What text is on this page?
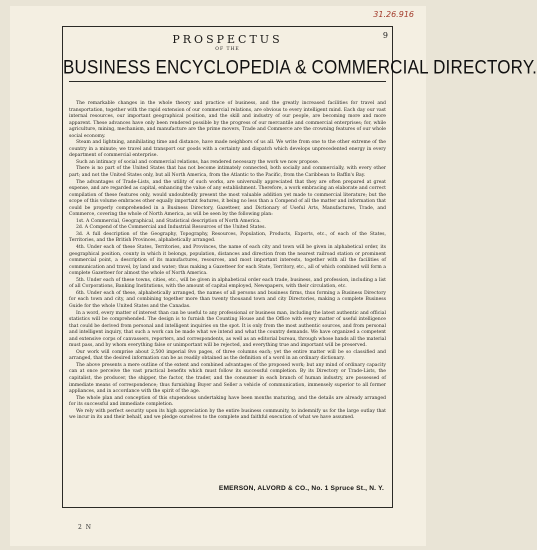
31.26.916
9
PROSPECTUS
OF THE
BUSINESS ENCYCLOPEDIA & COMMERCIAL DIRECTORY.

The remarkable changes in the whole theory and practice of business, and the greatly increased facilities for travel and transportation, together with the rapid extension of our commercial relations, are obvious to every intelligent mind. Each day our vast internal resources, our important geographical position, and the skill and industry of our people, are becoming more and more apparent. These advances have only been rendered possible by the progress of our mercantile and commercial enterprises; for, while agriculture, mining, mechanism, and manufacture are the prime movers, Trade and Commerce are the crowning features of our whole social economy.

Steam and lightning, annihilating time and distance, have made neighbors of us all. We write from one to the other extreme of the country in a minute; we travel and transport our goods with a certainty and dispatch which develops unprecedented energy in every department of commercial enterprise.

Such an intimacy of social and commercial relations, has rendered necessary the work we now propose.

There is no part of the United States that has not become intimately connected, both socially and commercially, with every other part; and not the United States only, but all North America, from the Atlantic to the Pacific, from the Caribbean to Baffin's Bay.

The advantages of Trade-Lists, and the utility of such works, are universally appreciated that they are often prepared at great expense, and are regarded as capital, enhancing the value of any establishment. Therefore, a work embracing an elaborate and correct compilation of these features only, would undoubtedly present the most valuable addition yet made to commercial literature; but the scope of this volume embraces other equally important features, it being no less than a Compend of all the matter and information that could be properly comprehended in a Business Directory, Gazetteer, and Dictionary of Useful Arts, Manufactures, Trade, and Commerce, covering the whole of North America, as will be seen by the following plan:

1st. A Commercial, Geographical, and Statistical description of North America.

2d. A Compend of the Commercial and Industrial Resources of the United States.

3d. A full description of the Geography, Topography, Resources, Population, Products, Exports, etc., of each of the States, Territories, and the British Provinces, alphabetically arranged.

4th. Under each of these States, Territories, and Provinces, the name of each city and town will be given in alphabetical order, its geographical position, county in which it belongs, population, distances and direction from the nearest railroad station or prominent commercial point, a description of its manufactures, resources, and most important interests, together with all the facilities of communication and travel, by land and water; thus making a Gazetteer for each State, Territory, etc., all of which combined will form a complete Gazetteer for almost the whole of North America.

5th. Under each of these towns, cities, etc., will be given in alphabetical order each trade, business, and profession, including a list of all Corporations, Banking Institutions, with the amount of capital employed, Newspapers, with their circulation, etc.

6th. Under each of these, alphabetically arranged, the names of all persons and business firms, thus forming a Business Directory for each town and city, and combining together more than twenty thousand town and city Directories, making a complete Business Guide for the whole United States and the Canadas.

In a word, every matter of interest than can be useful to any professional or business man, including the latest authentic and official statistics will be comprehended. The design is to furnish the Counting House and the Office with every matter of useful intelligence that could be derived from personal and intelligent inquiries on the spot. It is only from the most authentic sources, and from personal and intelligent inquiry, that such a work can be made what we intend and what the country demands. We have organized a competent and extensive corps of canvassers, reporters, and correspondents, as well as an editorial bureau, through whose hands all the material must pass, and by whom everything false or unimportant will be rejected, and everything true and important will be preserved.

Our work will comprise about 2,500 imperial 8vo pages, of three columns each; yet the entire matter will be so classified and arranged, that the desired information can be as readily obtained as the definition of a word in an ordinary dictionary.

The above presents a mere outline of the extent and combined advantages of the proposed work; but any mind of ordinary capacity can at once perceive the vast practical benefits which must follow its successful completion. By its Directory or Trade-Lists, the capitalist, the producer, the shipper, the factor, the trader, and the consumer in each branch of human industry, are possessed of immediate means of correspondence; thus furnishing Buyer and Seller a vehicle of communication, immensely superior to all former appliances, and in accordance with the spirit of the age.

The whole plan and conception of this stupendous undertaking have been months maturing, and the details are already arranged for its successful and immediate completion.

We rely with perfect security upon its high appreciation by the entire business community, to indemnify us for the large outlay that we incur in its and their behalf, and we pledge ourselves to the complete and faithful execution of what we have assumed.

EMERSON, ALVORD & CO., No. 1 Spruce St., N. Y.
2 N
